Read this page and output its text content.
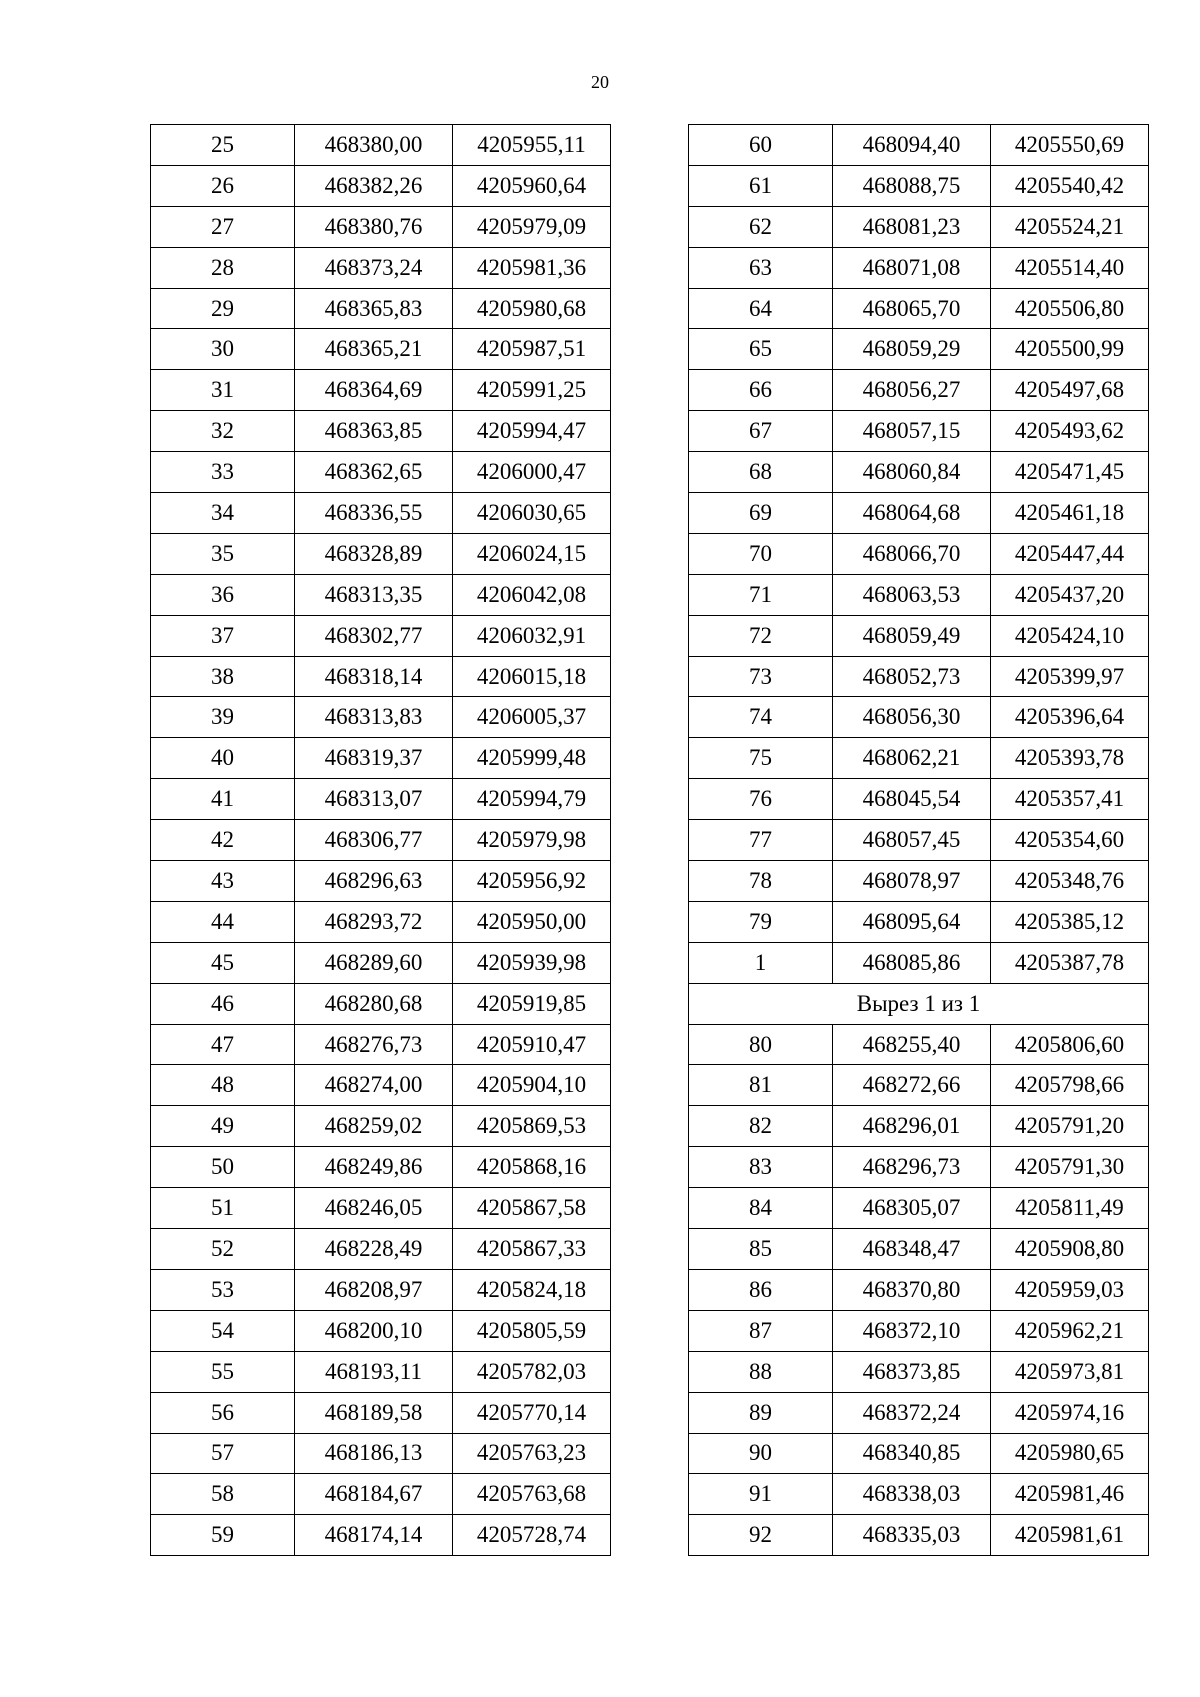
20
25	468380,00	4205955,11
26	468382,26	4205960,64
27	468380,76	4205979,09
28	468373,24	4205981,36
29	468365,83	4205980,68
30	468365,21	4205987,51
31	468364,69	4205991,25
32	468363,85	4205994,47
33	468362,65	4206000,47
34	468336,55	4206030,65
35	468328,89	4206024,15
36	468313,35	4206042,08
37	468302,77	4206032,91
38	468318,14	4206015,18
39	468313,83	4206005,37
40	468319,37	4205999,48
41	468313,07	4205994,79
42	468306,77	4205979,98
43	468296,63	4205956,92
44	468293,72	4205950,00
45	468289,60	4205939,98
46	468280,68	4205919,85
47	468276,73	4205910,47
48	468274,00	4205904,10
49	468259,02	4205869,53
50	468249,86	4205868,16
51	468246,05	4205867,58
52	468228,49	4205867,33
53	468208,97	4205824,18
54	468200,10	4205805,59
55	468193,11	4205782,03
56	468189,58	4205770,14
57	468186,13	4205763,23
58	468184,67	4205763,68
59	468174,14	4205728,74
60	468094,40	4205550,69
61	468088,75	4205540,42
62	468081,23	4205524,21
63	468071,08	4205514,40
64	468065,70	4205506,80
65	468059,29	4205500,99
66	468056,27	4205497,68
67	468057,15	4205493,62
68	468060,84	4205471,45
69	468064,68	4205461,18
70	468066,70	4205447,44
71	468063,53	4205437,20
72	468059,49	4205424,10
73	468052,73	4205399,97
74	468056,30	4205396,64
75	468062,21	4205393,78
76	468045,54	4205357,41
77	468057,45	4205354,60
78	468078,97	4205348,76
79	468095,64	4205385,12
1	468085,86	4205387,78
Вырез 1 из 1		
80	468255,40	4205806,60
81	468272,66	4205798,66
82	468296,01	4205791,20
83	468296,73	4205791,30
84	468305,07	4205811,49
85	468348,47	4205908,80
86	468370,80	4205959,03
87	468372,10	4205962,21
88	468373,85	4205973,81
89	468372,24	4205974,16
90	468340,85	4205980,65
91	468338,03	4205981,46
92	468335,03	4205981,61
